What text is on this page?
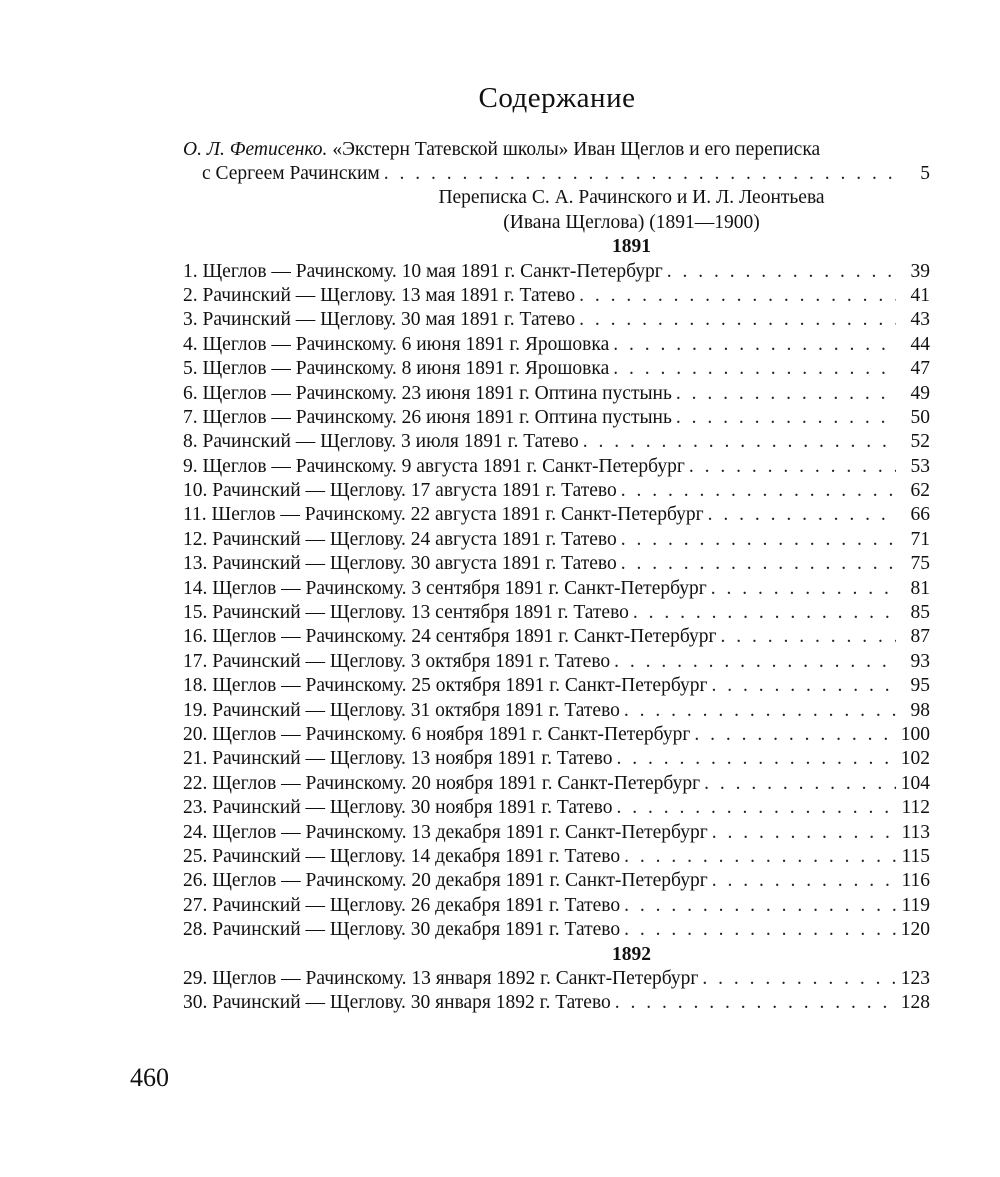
Содержание
О. Л. Фетисенко. «Экстерн Татевской школы» Иван Щеглов и его переписка
с Сергеем Рачинским . . .	5
Переписка С. А. Рачинского и И. Л. Леонтьева
(Ивана Щеглова) (1891—1900)
1891
1. Щеглов — Рачинскому. 10 мая 1891 г. Санкт-Петербург . . .	39
2. Рачинский — Щеглову. 13 мая 1891 г. Татево . . .	41
3. Рачинский — Щеглову. 30 мая 1891 г. Татево . . .	43
4. Щеглов — Рачинскому. 6 июня 1891 г. Ярошовка . . .	44
5. Щеглов — Рачинскому. 8 июня 1891 г. Ярошовка . . .	47
6. Щеглов — Рачинскому. 23 июня 1891 г. Оптина пустынь . . .	49
7. Щеглов — Рачинскому. 26 июня 1891 г. Оптина пустынь . . .	50
8. Рачинский — Щеглову. 3 июля 1891 г. Татево . . .	52
9. Щеглов — Рачинскому. 9 августа 1891 г. Санкт-Петербург . . .	53
10. Рачинский — Щеглову. 17 августа 1891 г. Татево . . .	62
11. Шеглов — Рачинскому. 22 августа 1891 г. Санкт-Петербург . . .	66
12. Рачинский — Щеглову. 24 августа 1891 г. Татево . . .	71
13. Рачинский — Щеглову. 30 августа 1891 г. Татево . . .	75
14. Щеглов — Рачинскому. 3 сентября 1891 г. Санкт-Петербург . . .	81
15. Рачинский — Щеглову. 13 сентября 1891 г. Татево . . .	85
16. Щеглов — Рачинскому. 24 сентября 1891 г. Санкт-Петербург . . .	87
17. Рачинский — Щеглову. 3 октября 1891 г. Татево . . .	93
18. Щеглов — Рачинскому. 25 октября 1891 г. Санкт-Петербург . . .	95
19. Рачинский — Щеглову. 31 октября 1891 г. Татево . . .	98
20. Щеглов — Рачинскому. 6 ноября 1891 г. Санкт-Петербург . . .	100
21. Рачинский — Щеглову. 13 ноября 1891 г. Татево . . .	102
22. Щеглов — Рачинскому. 20 ноября 1891 г. Санкт-Петербург . . .	104
23. Рачинский — Щеглову. 30 ноября 1891 г. Татево . . .	112
24. Щеглов — Рачинскому. 13 декабря 1891 г. Санкт-Петербург . . .	113
25. Рачинский — Щеглову. 14 декабря 1891 г. Татево . . .	115
26. Щеглов — Рачинскому. 20 декабря 1891 г. Санкт-Петербург . . .	116
27. Рачинский — Щеглову. 26 декабря 1891 г. Татево . . .	119
28. Рачинский — Щеглову. 30 декабря 1891 г. Татево . . .	120
1892
29. Щеглов — Рачинскому. 13 января 1892 г. Санкт-Петербург . . .	123
30. Рачинский — Щеглову. 30 января 1892 г. Татево . . .	128
460
